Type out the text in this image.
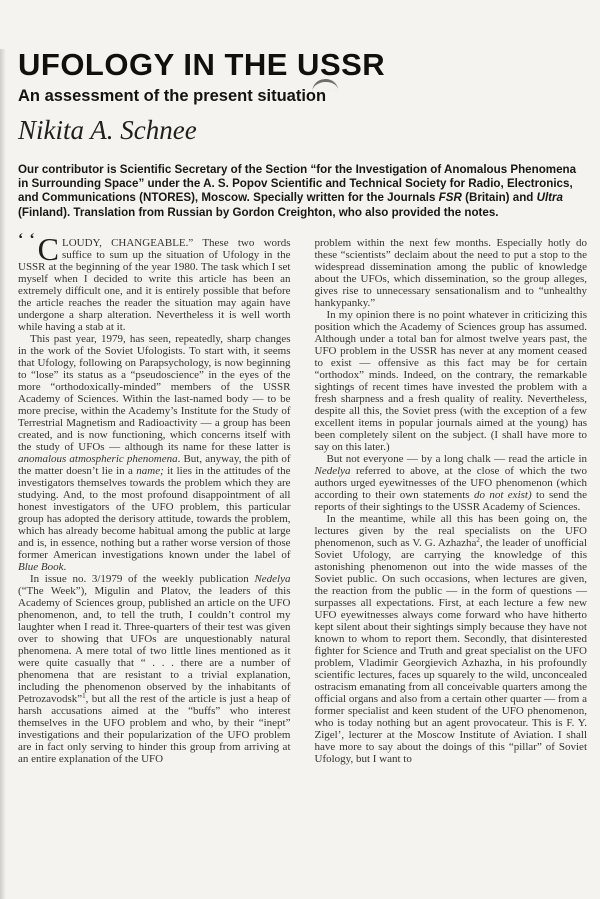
UFOLOGY IN THE USSR
An assessment of the present situation
Nikita A. Schnee

Our contributor is Scientific Secretary of the Section “for the Investigation of Anomalous Phenomena in Surrounding Space” under the A. S. Popov Scientific and Technical Society for Radio, Electronics, and Communications (NTORES), Moscow. Specially written for the Journals FSR (Britain) and Ultra (Finland). Translation from Russian by Gordon Creighton, who also provided the notes.

‘ ‘ C LOUDY, CHANGEABLE.” These two words suffice to sum up the situation of Ufology in the USSR at the beginning of the year 1980. The task which I set myself when I decided to write this article has been an extremely difficult one, and it is entirely possible that before the article reaches the reader the situation may again have undergone a sharp alteration. Nevertheless it is well worth while having a stab at it.

This past year, 1979, has seen, repeatedly, sharp changes in the work of the Soviet Ufologists. To start with, it seems that Ufology, following on Parapsychology, is now beginning to “lose” its status as a “pseudoscience” in the eyes of the more “orthodoxically-minded” members of the USSR Academy of Sciences. Within the last-named body — to be more precise, within the Academy’s Institute for the Study of Terrestrial Magnetism and Radioactivity — a group has been created, and is now functioning, which concerns itself with the study of UFOs — although its name for these latter is anomalous atmospheric phenomena. But, anyway, the pith of the matter doesn’t lie in a name; it lies in the attitudes of the investigators themselves towards the problem which they are studying. And, to the most profound disappointment of all honest investigators of the UFO problem, this particular group has adopted the derisory attitude, towards the problem, which has already become habitual among the public at large and is, in essence, nothing but a rather worse version of those former American investigations known under the label of Blue Book.

In issue no. 3/1979 of the weekly publication Nedelya (“The Week”), Migulin and Platov, the leaders of this Academy of Sciences group, published an article on the UFO phenomenon, and, to tell the truth, I couldn’t control my laughter when I read it. Three-quarters of their test was given over to showing that UFOs are unquestionably natural phenomena. A mere total of two little lines mentioned as it were quite casually that “ . . . there are a number of phenomena that are resistant to a trivial explanation, including the phenomenon observed by the inhabitants of Petrozavodsk”$^1$, but all the rest of the article is just a heap of harsh accusations aimed at the “buffs” who interest themselves in the UFO problem and who, by their “inept” investigations and their popularization of the UFO problem are in fact only serving to hinder this group from arriving at an entire explanation of the UFO

problem within the next few months. Especially hotly do these “scientists” declaim about the need to put a stop to the widespread dissemination among the public of knowledge about the UFOs, which dissemination, so the group alleges, gives rise to unnecessary sensationalism and to “unhealthy hankypanky.”

In my opinion there is no point whatever in criticizing this position which the Academy of Sciences group has assumed. Although under a total ban for almost twelve years past, the UFO problem in the USSR has never at any moment ceased to exist — offensive as this fact may be for certain “orthodox” minds. Indeed, on the contrary, the remarkable sightings of recent times have invested the problem with a fresh sharpness and a fresh quality of reality. Nevertheless, despite all this, the Soviet press (with the exception of a few excellent items in popular journals aimed at the young) has been completely silent on the subject. (I shall have more to say on this later.)

But not everyone — by a long chalk — read the article in Nedelya referred to above, at the close of which the two authors urged eyewitnesses of the UFO phenomenon (which according to their own statements do not exist) to send the reports of their sightings to the USSR Academy of Sciences.

In the meantime, while all this has been going on, the lectures given by the real specialists on the UFO phenomenon, such as V. G. Azhazha$^2$, the leader of unofficial Soviet Ufology, are carrying the knowledge of this astonishing phenomenon out into the wide masses of the Soviet public. On such occasions, when lectures are given, the reaction from the public — in the form of questions — surpasses all expectations. First, at each lecture a few new UFO eyewitnesses always come forward who have hitherto kept silent about their sightings simply because they have not known to whom to report them. Secondly, that disinterested fighter for Science and Truth and great specialist on the UFO problem, Vladimir Georgievich Azhazha, in his profoundly scientific lectures, faces up squarely to the wild, unconcealed ostracism emanating from all conceivable quarters among the official organs and also from a certain other quarter — from a former specialist and keen student of the UFO phenomenon, who is today nothing but an agent provocateur. This is F. Y. Zigel’, lecturer at the Moscow Institute of Aviation. I shall have more to say about the doings of this “pillar” of Soviet Ufology, but I want to
